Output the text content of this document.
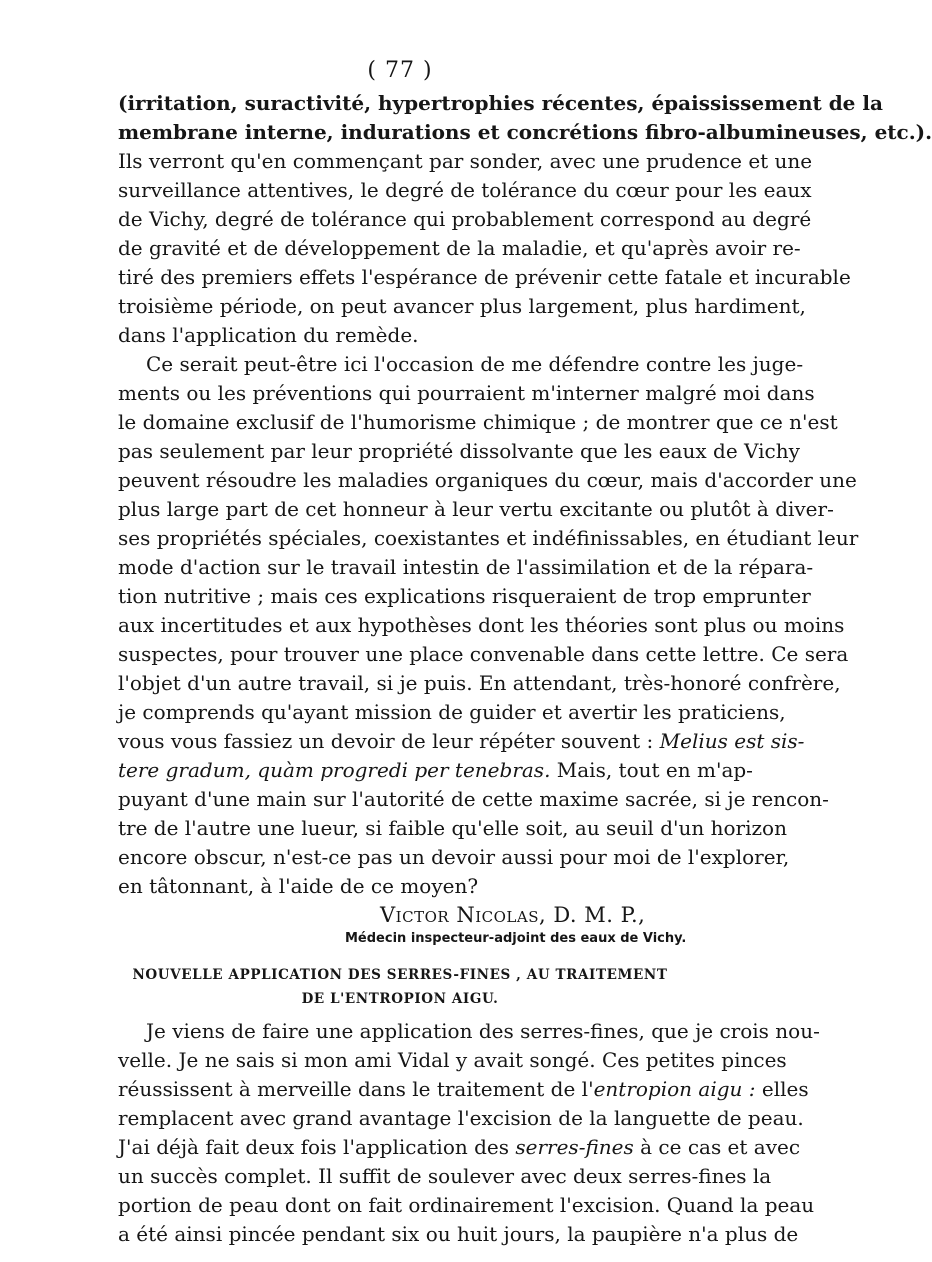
( 77 )
(irritation, suractivité, hypertrophies récentes, épaississement de la
membrane interne, indurations et concrétions fibro-albumineuses, etc.).
Ils verront qu'en commençant par sonder, avec une prudence et une
surveillance attentives, le degré de tolérance du cœur pour les eaux
de Vichy, degré de tolérance qui probablement correspond au degré
de gravité et de développement de la maladie, et qu'après avoir re-
tiré des premiers effets l'espérance de prévenir cette fatale et incurable
troisième période, on peut avancer plus largement, plus hardiment,
dans l'application du remède.
Ce serait peut-être ici l'occasion de me défendre contre les juge-
ments ou les préventions qui pourraient m'interner malgré moi dans
le domaine exclusif de l'humorisme chimique ; de montrer que ce n'est
pas seulement par leur propriété dissolvante que les eaux de Vichy
peuvent résoudre les maladies organiques du cœur, mais d'accorder une
plus large part de cet honneur à leur vertu excitante ou plutôt à diver-
ses propriétés spéciales, coexistantes et indéfinissables, en étudiant leur
mode d'action sur le travail intestin de l'assimilation et de la répara-
tion nutritive ; mais ces explications risqueraient de trop emprunter
aux incertitudes et aux hypothèses dont les théories sont plus ou moins
suspectes, pour trouver une place convenable dans cette lettre. Ce sera
l'objet d'un autre travail, si je puis. En attendant, très-honoré confrère,
je comprends qu'ayant mission de guider et avertir les praticiens,
vous vous fassiez un devoir de leur répéter souvent : Melius est sis-
tere gradum, quàm progredi per tenebras. Mais, tout en m'ap-
puyant d'une main sur l'autorité de cette maxime sacrée, si je rencon-
tre de l'autre une lueur, si faible qu'elle soit, au seuil d'un horizon
encore obscur, n'est-ce pas un devoir aussi pour moi de l'explorer,
en tâtonnant, à l'aide de ce moyen?
Victor Nicolas, D. M. P.,
Médecin inspecteur-adjoint des eaux de Vichy.
NOUVELLE APPLICATION DES SERRES-FINES , AU TRAITEMENT
DE L'ENTROPION AIGU.
Je viens de faire une application des serres-fines, que je crois nou-
velle. Je ne sais si mon ami Vidal y avait songé. Ces petites pinces
réussissent à merveille dans le traitement de l'entropion aigu : elles
remplacent avec grand avantage l'excision de la languette de peau.
J'ai déjà fait deux fois l'application des serres-fines à ce cas et avec
un succès complet. Il suffit de soulever avec deux serres-fines la
portion de peau dont on fait ordinairement l'excision. Quand la peau
a été ainsi pincée pendant six ou huit jours, la paupière n'a plus de
